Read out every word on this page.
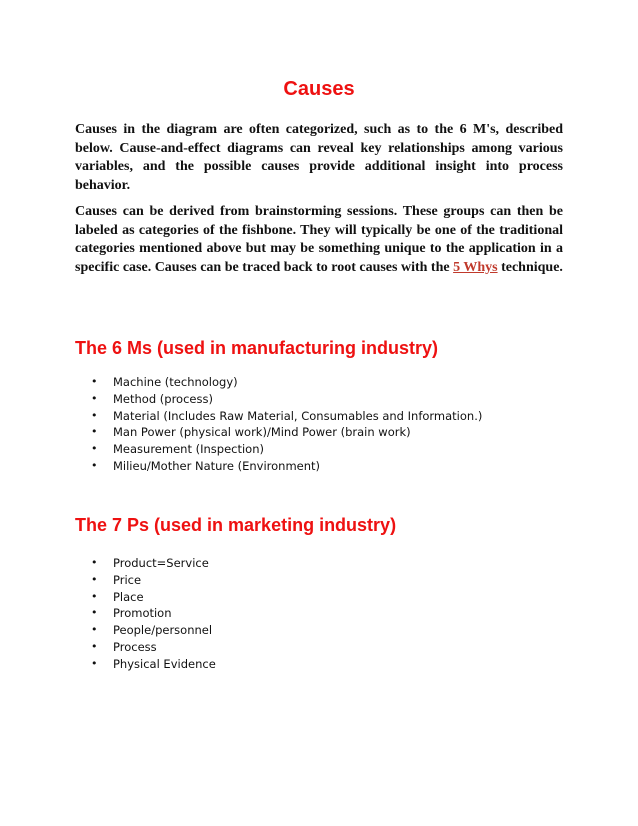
Causes

Causes in the diagram are often categorized, such as to the 6 M's, described below. Cause-and-effect diagrams can reveal key relationships among various variables, and the possible causes provide additional insight into process behavior.

Causes can be derived from brainstorming sessions. These groups can then be labeled as categories of the fishbone. They will typically be one of the traditional categories mentioned above but may be something unique to the application in a specific case. Causes can be traced back to root causes with the 5 Whys technique.

The 6 Ms (used in manufacturing industry)
• Machine (technology)
• Method (process)
• Material (Includes Raw Material, Consumables and Information.)
• Man Power (physical work)/Mind Power (brain work)
• Measurement (Inspection)
• Milieu/Mother Nature (Environment)
The 7 Ps (used in marketing industry)
• Product=Service
• Price
• Place
• Promotion
• People/personnel
• Process
• Physical Evidence
